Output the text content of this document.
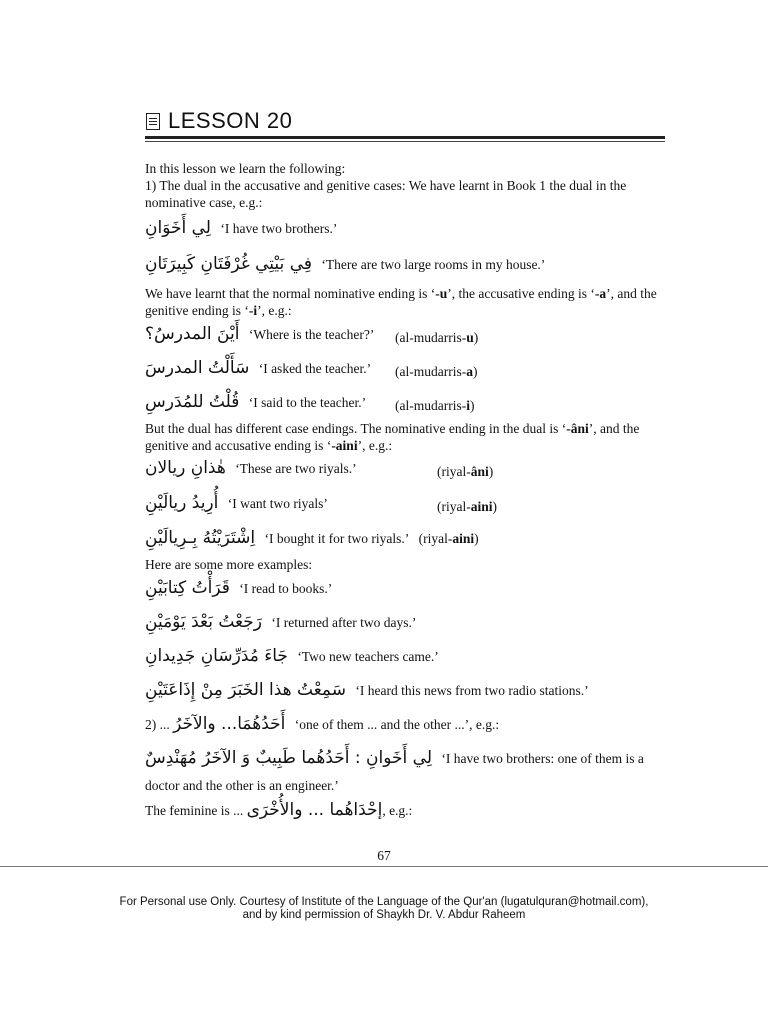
LESSON 20

In this lesson we learn the following:

1) The dual in the accusative and genitive cases: We have learnt in Book 1 the dual in the nominative case, e.g.:

لِي أَخَوَانِ ‘I have two brothers.’
فِي بَيْتِي غُرْفَتَانِ كَبِيرَتَانِ ‘There are two large rooms in my house.’
We have learnt that the normal nominative ending is ‘-u’, the accusative ending is ‘-a’, and the genitive ending is ‘-i’, e.g.:
أَيْنَ المدرسُ؟ ‘Where is the teacher?’ (al-mudarris-u)
سَأَلْتُ المدرسَ ‘I asked the teacher.’ (al-mudarris-a)
قُلْتُ للمُدَرسِ ‘I said to the teacher.’ (al-mudarris-i)
But the dual has different case endings. The nominative ending in the dual is ‘-âni’, and the genitive and accusative ending is ‘-aini’, e.g.:
هٰذانِ ريالان ‘These are two riyals.’	(riyal-âni)
أُرِيدُ ريالَيْنِ ‘I want two riyals’	(riyal-aini)
اِشْتَرَيْتُهُ بِـرِيالَيْنِ ‘I bought it for two riyals.’ (riyal-aini)
Here are some more examples:
قَرَأْتُ كِتابَيْنِ ‘I read to books.’
رَجَعْتُ بَعْدَ يَوْمَيْنِ ‘I returned after two days.’
جَاءَ مُدَرِّسَانِ جَدِيدانِ ‘Two new teachers came.’
سَمِعْتُ هذا الخَبَرَ مِنْ إِذَاعَتَيْنِ ‘I heard this news from two radio stations.’
2) ... أَحَدُهُمَا... والآخَرُ ‘one of them ... and the other ...’, e.g.:
لِي أَخَوانِ : أَحَدُهُما طَبِيبٌ وَ الآخَرُ مُهَنْدِسٌ ‘I have two brothers: one of them is a
doctor and the other is an engineer.’
The feminine is ... إحْدَاهُما ... والأُخْرَى, e.g.:
67
For Personal use Only. Courtesy of Institute of the Language of the Qur'an (lugatulquran@hotmail.com),
and by kind permission of Shaykh Dr. V. Abdur Raheem
